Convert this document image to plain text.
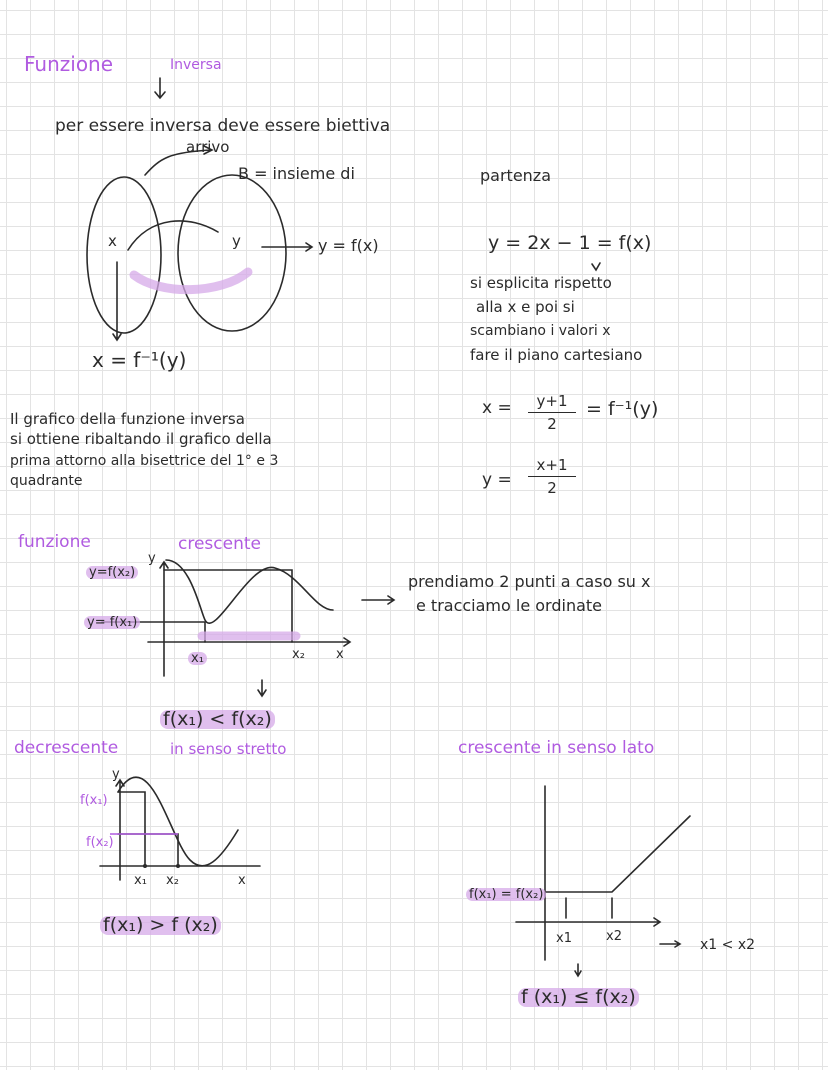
Funzione	Inversa
per essere inversa deve essere biettiva
arrivo
B = insieme di	partenza
x	y	y = f(x)
x = f⁻¹(y)
Il grafico della funzione inversa
si ottiene ribaltando il grafico della
prima attorno alla bisettrice del 1° e 3
quadrante
y = 2x − 1 = f(x)
si esplicita rispetto
alla x e poi si
scambiano i valori x
fare il piano cartesiano
x =	y+1
2
= f⁻¹(y)
y =
x+1
2
funzione	crescente
y
y=f(x₂)
y= f(x₁)
x₁	x₂ x
prendiamo 2 punti a caso su x
e tracciamo le ordinate
f(x₁) < f(x₂)
decrescente	in senso stretto
y
f(x₁)
f(x₂)
x₁ x₂	x
f(x₁) > f (x₂)
crescente in senso lato
f(x₁) = f(x₂)
x1	x2
x1 < x2
f (x₁) ≤ f(x₂)
